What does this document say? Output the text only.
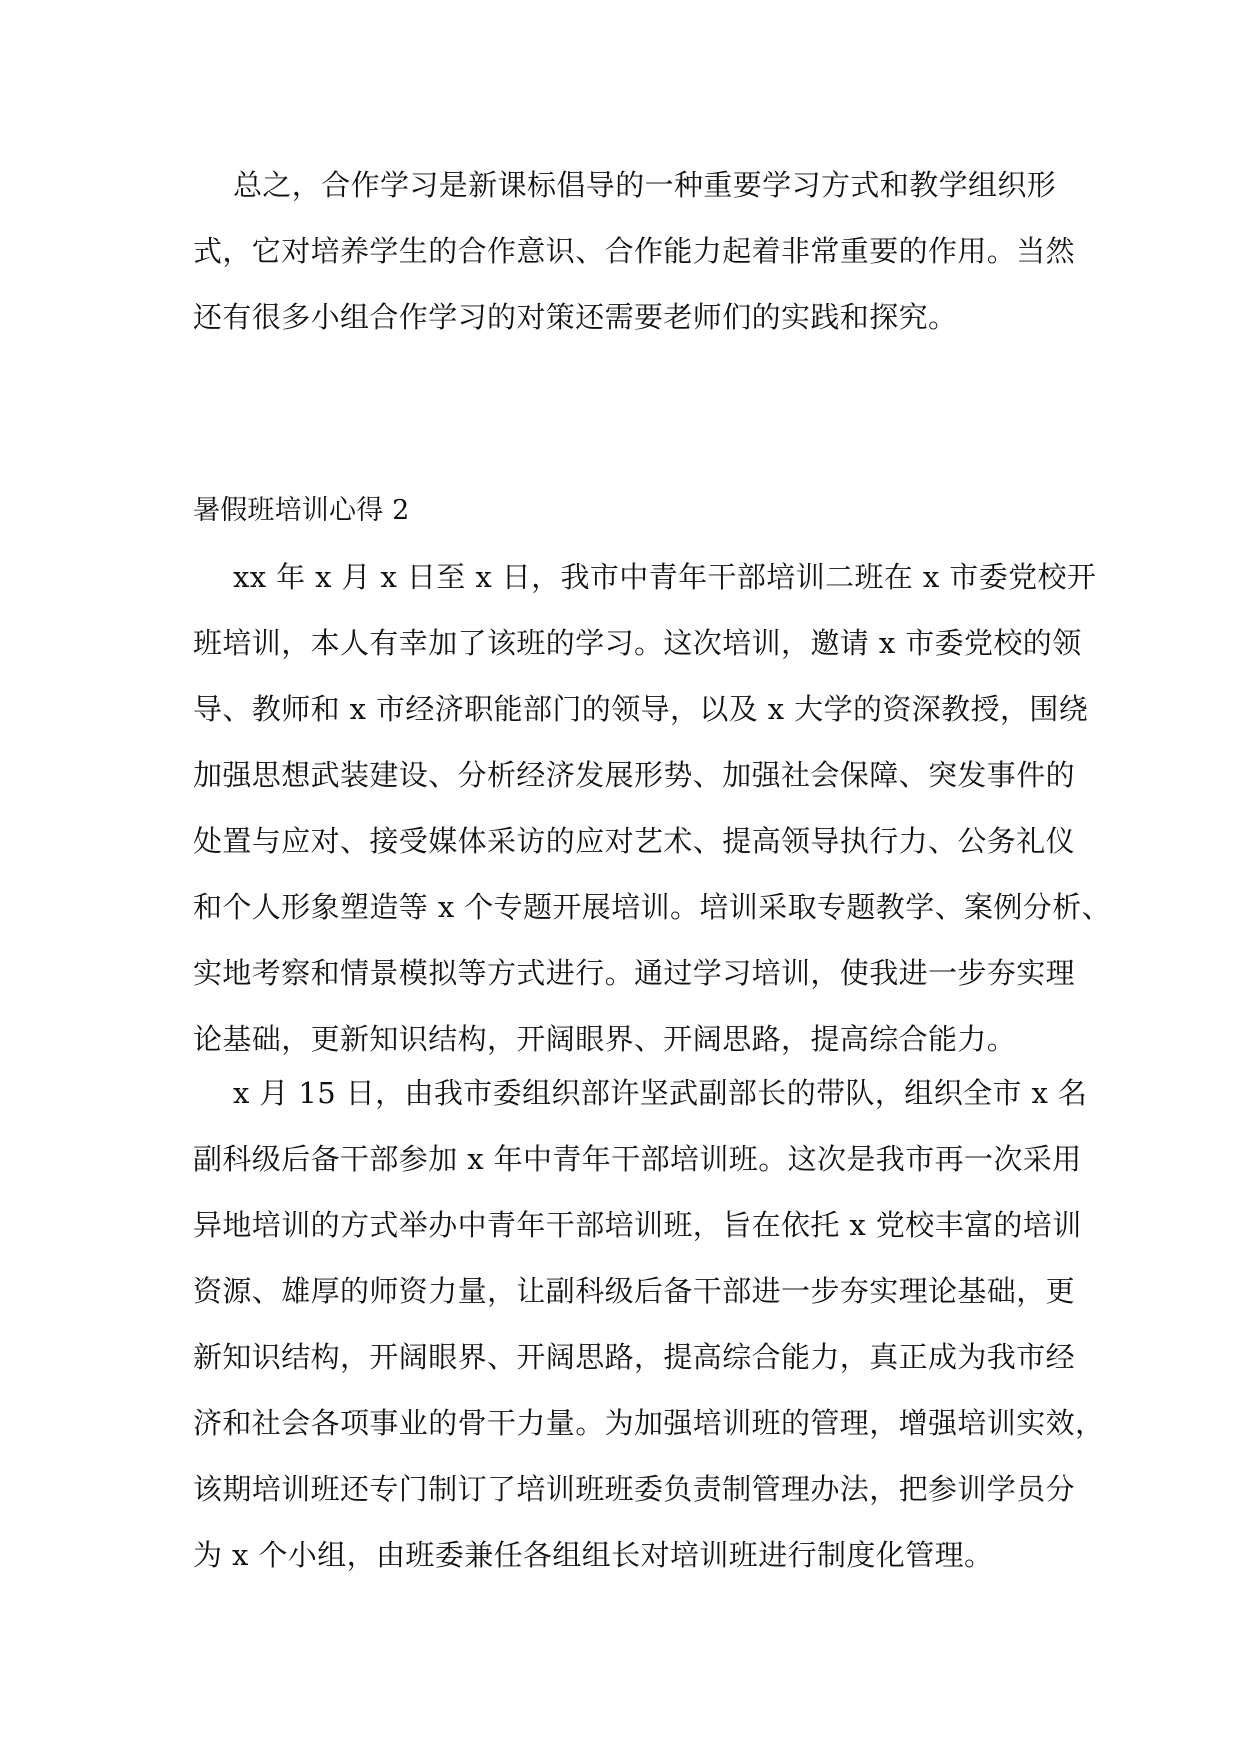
总之，合作学习是新课标倡导的一种重要学习方式和教学组织形
式，它对培养学生的合作意识、合作能力起着非常重要的作用。当然
还有很多小组合作学习的对策还需要老师们的实践和探究。
暑假班培训心得 2
xx 年 x 月 x 日至 x 日，我市中青年干部培训二班在 x 市委党校开
班培训，本人有幸加了该班的学习。这次培训，邀请 x 市委党校的领
导、教师和 x 市经济职能部门的领导，以及 x 大学的资深教授，围绕
加强思想武装建设、分析经济发展形势、加强社会保障、突发事件的
处置与应对、接受媒体采访的应对艺术、提高领导执行力、公务礼仪
和个人形象塑造等 x 个专题开展培训。培训采取专题教学、案例分析、
实地考察和情景模拟等方式进行。通过学习培训，使我进一步夯实理
论基础，更新知识结构，开阔眼界、开阔思路，提高综合能力。
x 月 15 日，由我市委组织部许坚武副部长的带队，组织全市 x 名
副科级后备干部参加 x 年中青年干部培训班。这次是我市再一次采用
异地培训的方式举办中青年干部培训班，旨在依托 x 党校丰富的培训
资源、雄厚的师资力量，让副科级后备干部进一步夯实理论基础，更
新知识结构，开阔眼界、开阔思路，提高综合能力，真正成为我市经
济和社会各项事业的骨干力量。为加强培训班的管理，增强培训实效，
该期培训班还专门制订了培训班班委负责制管理办法，把参训学员分
为 x 个小组，由班委兼任各组组长对培训班进行制度化管理。
